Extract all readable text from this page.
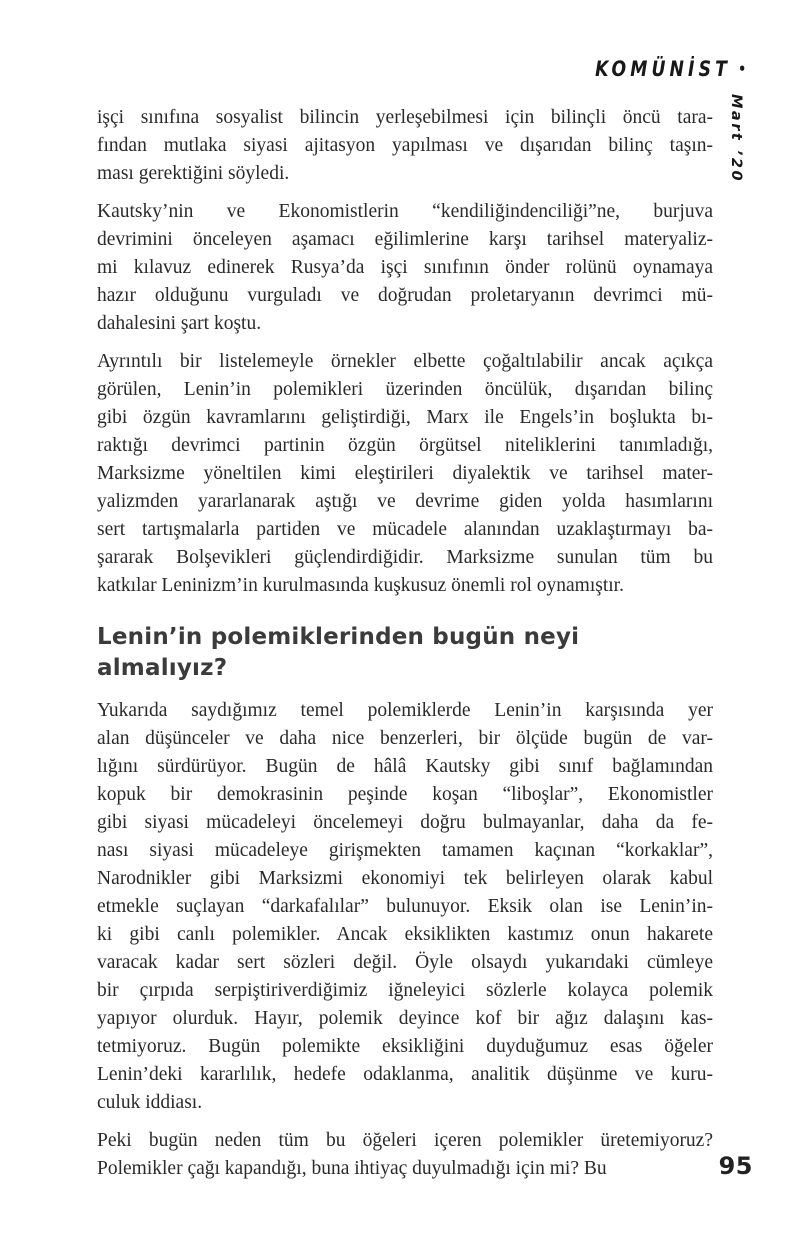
KOMÜNİST •
Mart ’20
işçi sınıfına sosyalist bilincin yerleşebilmesi için bilinçli öncü tara-
fından mutlaka siyasi ajitasyon yapılması ve dışarıdan bilinç taşın-
ması gerektiğini söyledi.
Kautsky’nin ve Ekonomistlerin “kendiliğindenciliği”ne, burjuva
devrimini önceleyen aşamacı eğilimlerine karşı tarihsel materyaliz-
mi kılavuz edinerek Rusya’da işçi sınıfının önder rolünü oynamaya
hazır olduğunu vurguladı ve doğrudan proletaryanın devrimci mü-
dahalesini şart koştu.
Ayrıntılı bir listelemeyle örnekler elbette çoğaltılabilir ancak açıkça
görülen, Lenin’in polemikleri üzerinden öncülük, dışarıdan bilinç
gibi özgün kavramlarını geliştirdiği, Marx ile Engels’in boşlukta bı-
raktığı devrimci partinin özgün örgütsel niteliklerini tanımladığı,
Marksizme yöneltilen kimi eleştirileri diyalektik ve tarihsel mater-
yalizmden yararlanarak aştığı ve devrime giden yolda hasımlarını
sert tartışmalarla partiden ve mücadele alanından uzaklaştırmayı ba-
şararak Bolşevikleri güçlendirdiğidir. Marksizme sunulan tüm bu
katkılar Leninizm’in kurulmasında kuşkusuz önemli rol oynamıştır.
Lenin’in polemiklerinden bugün neyi almalıyız?
Yukarıda saydığımız temel polemiklerde Lenin’in karşısında yer
alan düşünceler ve daha nice benzerleri, bir ölçüde bugün de var-
lığını sürdürüyor. Bugün de hâlâ Kautsky gibi sınıf bağlamından
kopuk bir demokrasinin peşinde koşan “liboşlar”, Ekonomistler
gibi siyasi mücadeleyi öncelemeyi doğru bulmayanlar, daha da fe-
nası siyasi mücadeleye girişmekten tamamen kaçınan “korkaklar”,
Narodnikler gibi Marksizmi ekonomiyi tek belirleyen olarak kabul
etmekle suçlayan “darkafalılar” bulunuyor. Eksik olan ise Lenin’in-
ki gibi canlı polemikler. Ancak eksiklikten kastımız onun hakarete
varacak kadar sert sözleri değil. Öyle olsaydı yukarıdaki cümleye
bir çırpıda serpiştiriverdiğimiz iğneleyici sözlerle kolayca polemik
yapıyor olurduk. Hayır, polemik deyince kof bir ağız dalaşını kas-
tetmiyoruz. Bugün polemikte eksikliğini duyduğumuz esas öğeler
Lenin’deki kararlılık, hedefe odaklanma, analitik düşünme ve kuru-
culuk iddiası.
Peki bugün neden tüm bu öğeleri içeren polemikler üretemiyoruz?
Polemikler çağı kapandığı, buna ihtiyaç duyulmadığı için mi? Bu	95
